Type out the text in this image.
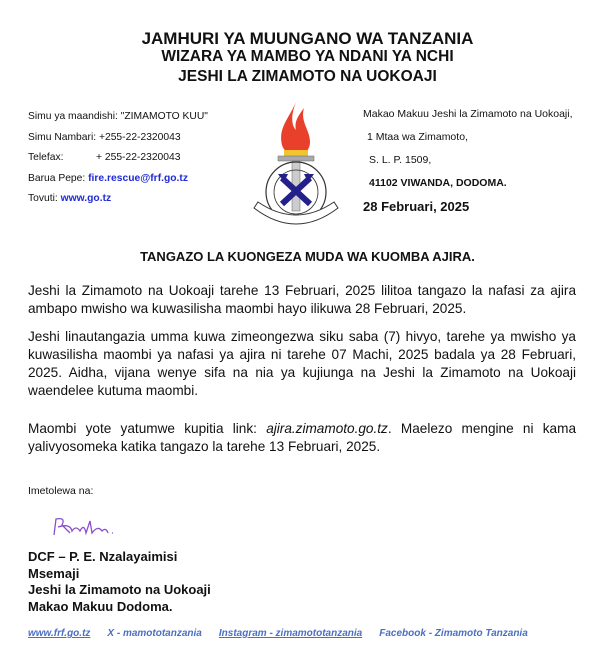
JAMHURI YA MUUNGANO WA TANZANIA
WIZARA YA MAMBO YA NDANI YA NCHI
JESHI LA ZIMAMOTO NA UOKOAJI
Simu ya maandishi: "ZIMAMOTO KUU"
Simu Nambari: +255-22-2320043
Telefax:	+ 255-22-2320043
Barua Pepe: fire.rescue@frf.go.tz
Tovuti: www.go.tz
Makao Makuu Jeshi la Zimamoto na Uokoaji,
1 Mtaa wa Zimamoto,
S. L. P. 1509,
41102 VIWANDA, DODOMA.
28 Februari, 2025
TANGAZO LA KUONGEZA MUDA WA KUOMBA AJIRA.
Jeshi la Zimamoto na Uokoaji tarehe 13 Februari, 2025 lilitoa tangazo la nafasi za ajira ambapo mwisho wa kuwasilisha maombi hayo ilikuwa 28 Februari, 2025.
Jeshi linautangazia umma kuwa zimeongezwa siku saba (7) hivyo, tarehe ya mwisho ya kuwasilisha maombi ya nafasi ya ajira ni tarehe 07 Machi, 2025 badala ya 28 Februari, 2025. Aidha, vijana wenye sifa na nia ya kujiunga na Jeshi la Zimamoto na Uokoaji waendelee kutuma maombi.
Maombi yote yatumwe kupitia link: ajira.zimamoto.go.tz. Maelezo mengine ni kama yalivyosomeka katika tangazo la tarehe 13 Februari, 2025.
Imetolewa na:
DCF – P. E. Nzalayaimisi
Msemaji
Jeshi la Zimamoto na Uokoaji
Makao Makuu Dodoma.
www.frf.go.tz X - mamototanzania Instagram - zimamototanzania Facebook - Zimamoto Tanzania
